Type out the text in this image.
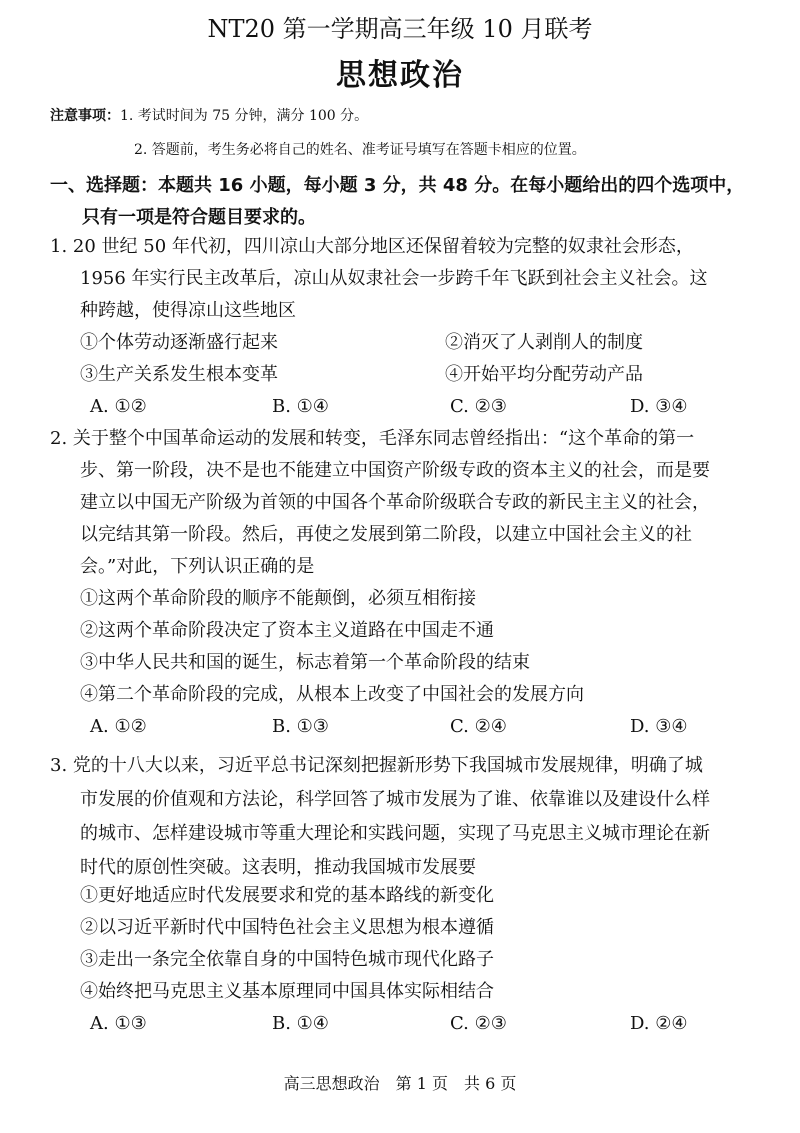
NT20 第一学期高三年级 10 月联考
思想政治
注意事项：1. 考试时间为 75 分钟，满分 100 分。
2. 答题前，考生务必将自己的姓名、准考证号填写在答题卡相应的位置。
一、选择题：本题共 16 小题，每小题 3 分，共 48 分。在每小题给出的四个选项中，
只有一项是符合题目要求的。
1. 20 世纪 50 年代初，四川凉山大部分地区还保留着较为完整的奴隶社会形态，
1956 年实行民主改革后，凉山从奴隶社会一步跨千年飞跃到社会主义社会。这
种跨越，使得凉山这些地区
①个体劳动逐渐盛行起来	②消灭了人剥削人的制度
③生产关系发生根本变革	④开始平均分配劳动产品
A. ①②	B. ①④	C. ②③	D. ③④
2. 关于整个中国革命运动的发展和转变，毛泽东同志曾经指出：“这个革命的第一
步、第一阶段，决不是也不能建立中国资产阶级专政的资本主义的社会，而是要
建立以中国无产阶级为首领的中国各个革命阶级联合专政的新民主主义的社会，
以完结其第一阶段。然后，再使之发展到第二阶段，以建立中国社会主义的社
会。”对此，下列认识正确的是
①这两个革命阶段的顺序不能颠倒，必须互相衔接
②这两个革命阶段决定了资本主义道路在中国走不通
③中华人民共和国的诞生，标志着第一个革命阶段的结束
④第二个革命阶段的完成，从根本上改变了中国社会的发展方向
A. ①②	B. ①③	C. ②④	D. ③④
3. 党的十八大以来，习近平总书记深刻把握新形势下我国城市发展规律，明确了城
市发展的价值观和方法论，科学回答了城市发展为了谁、依靠谁以及建设什么样
的城市、怎样建设城市等重大理论和实践问题，实现了马克思主义城市理论在新
时代的原创性突破。这表明，推动我国城市发展要
①更好地适应时代发展要求和党的基本路线的新变化
②以习近平新时代中国特色社会主义思想为根本遵循
③走出一条完全依靠自身的中国特色城市现代化路子
④始终把马克思主义基本原理同中国具体实际相结合
A. ①③	B. ①④	C. ②③	D. ②④
高三思想政治　第 1 页　共 6 页
